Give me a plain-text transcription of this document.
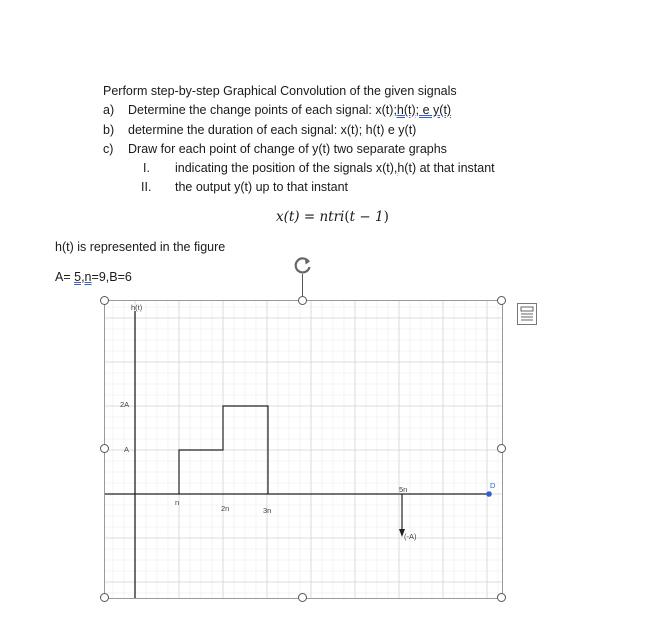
Perform step-by-step Graphical Convolution of the given signals
a) Determine the change points of each signal: x(t);h(t); e y(t)
b) determine the duration of each signal: x(t); h(t) e y(t)
c) Draw for each point of change of y(t) two separate graphs
I. indicating the position of the signals x(t),h(t) at that instant
II. the output y(t) up to that instant
x(t) = ntri(t − 1)
h(t) is represented in the figure
A= 5,n=9,B=6
h(t)
2A
A
n
2n	3n
5n
(-A)
D
